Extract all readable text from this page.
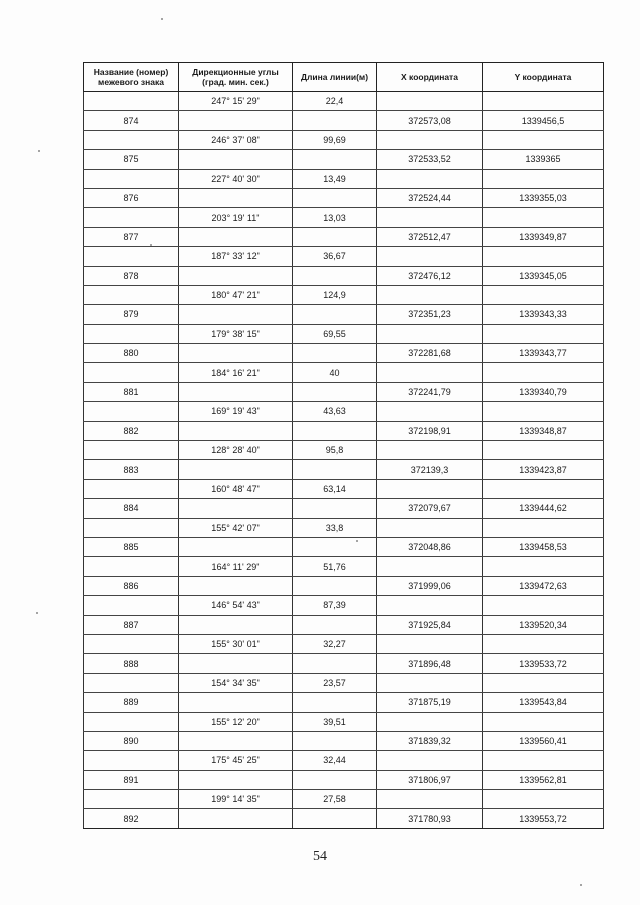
Название (номер) межевого знака	Дирекционные углы (град. мин. сек.)	Длина линии(м)	X координата	Y координата
	247° 15' 29"	22,4		
874			372573,08	1339456,5
	246° 37' 08"	99,69		
875			372533,52	1339365
	227° 40' 30"	13,49		
876			372524,44	1339355,03
	203° 19' 11"	13,03		
877			372512,47	1339349,87
	187° 33' 12"	36,67		
878			372476,12	1339345,05
	180° 47' 21"	124,9		
879			372351,23	1339343,33
	179° 38' 15"	69,55		
880			372281,68	1339343,77
	184° 16' 21"	40		
881			372241,79	1339340,79
	169° 19' 43"	43,63		
882			372198,91	1339348,87
	128° 28' 40"	95,8		
883			372139,3	1339423,87
	160° 48' 47"	63,14		
884			372079,67	1339444,62
	155° 42' 07"	33,8		
885			372048,86	1339458,53
	164° 11' 29"	51,76		
886			371999,06	1339472,63
	146° 54' 43"	87,39		
887			371925,84	1339520,34
	155° 30' 01"	32,27		
888			371896,48	1339533,72
	154° 34' 35"	23,57		
889			371875,19	1339543,84
	155° 12' 20"	39,51		
890			371839,32	1339560,41
	175° 45' 25"	32,44		
891			371806,97	1339562,81
	199° 14' 35"	27,58		
892			371780,93	1339553,72
54
